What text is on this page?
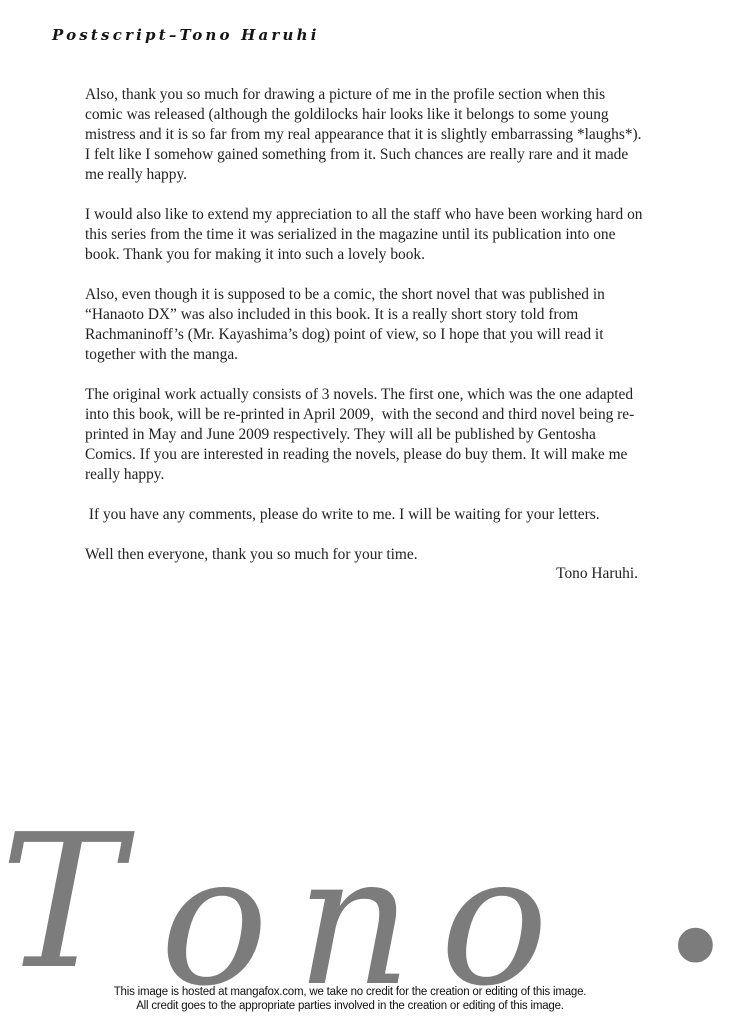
Postscript–Tono Haruhi

Also, thank you so much for drawing a picture of me in the profile section when this comic was released (although the goldilocks hair looks like it belongs to some young mistress and it is so far from my real appearance that it is slightly embarrassing *laughs*). I felt like I somehow gained something from it. Such chances are really rare and it made me really happy.

I would also like to extend my appreciation to all the staff who have been working hard on this series from the time it was serialized in the magazine until its publication into one book. Thank you for making it into such a lovely book.

Also, even though it is supposed to be a comic, the short novel that was published in “Hanaoto DX” was also included in this book. It is a really short story told from Rachmaninoff’s (Mr. Kayashima’s dog) point of view, so I hope that you will read it together with the manga.

The original work actually consists of 3 novels. The first one, which was the one adapted into this book, will be re-printed in April 2009,  with the second and third novel being re-printed in May and June 2009 respectively. They will all be published by Gentosha Comics. If you are interested in reading the novels, please do buy them. It will make me really happy.

If you have any comments, please do write to me. I will be waiting for your letters.

Well then everyone, thank you so much for your time.

Tono Haruhi.
T o n o •
This image is hosted at mangafox.com, we take no credit for the creation or editing of this image.
All credit goes to the appropriate parties involved in the creation or editing of this image.
